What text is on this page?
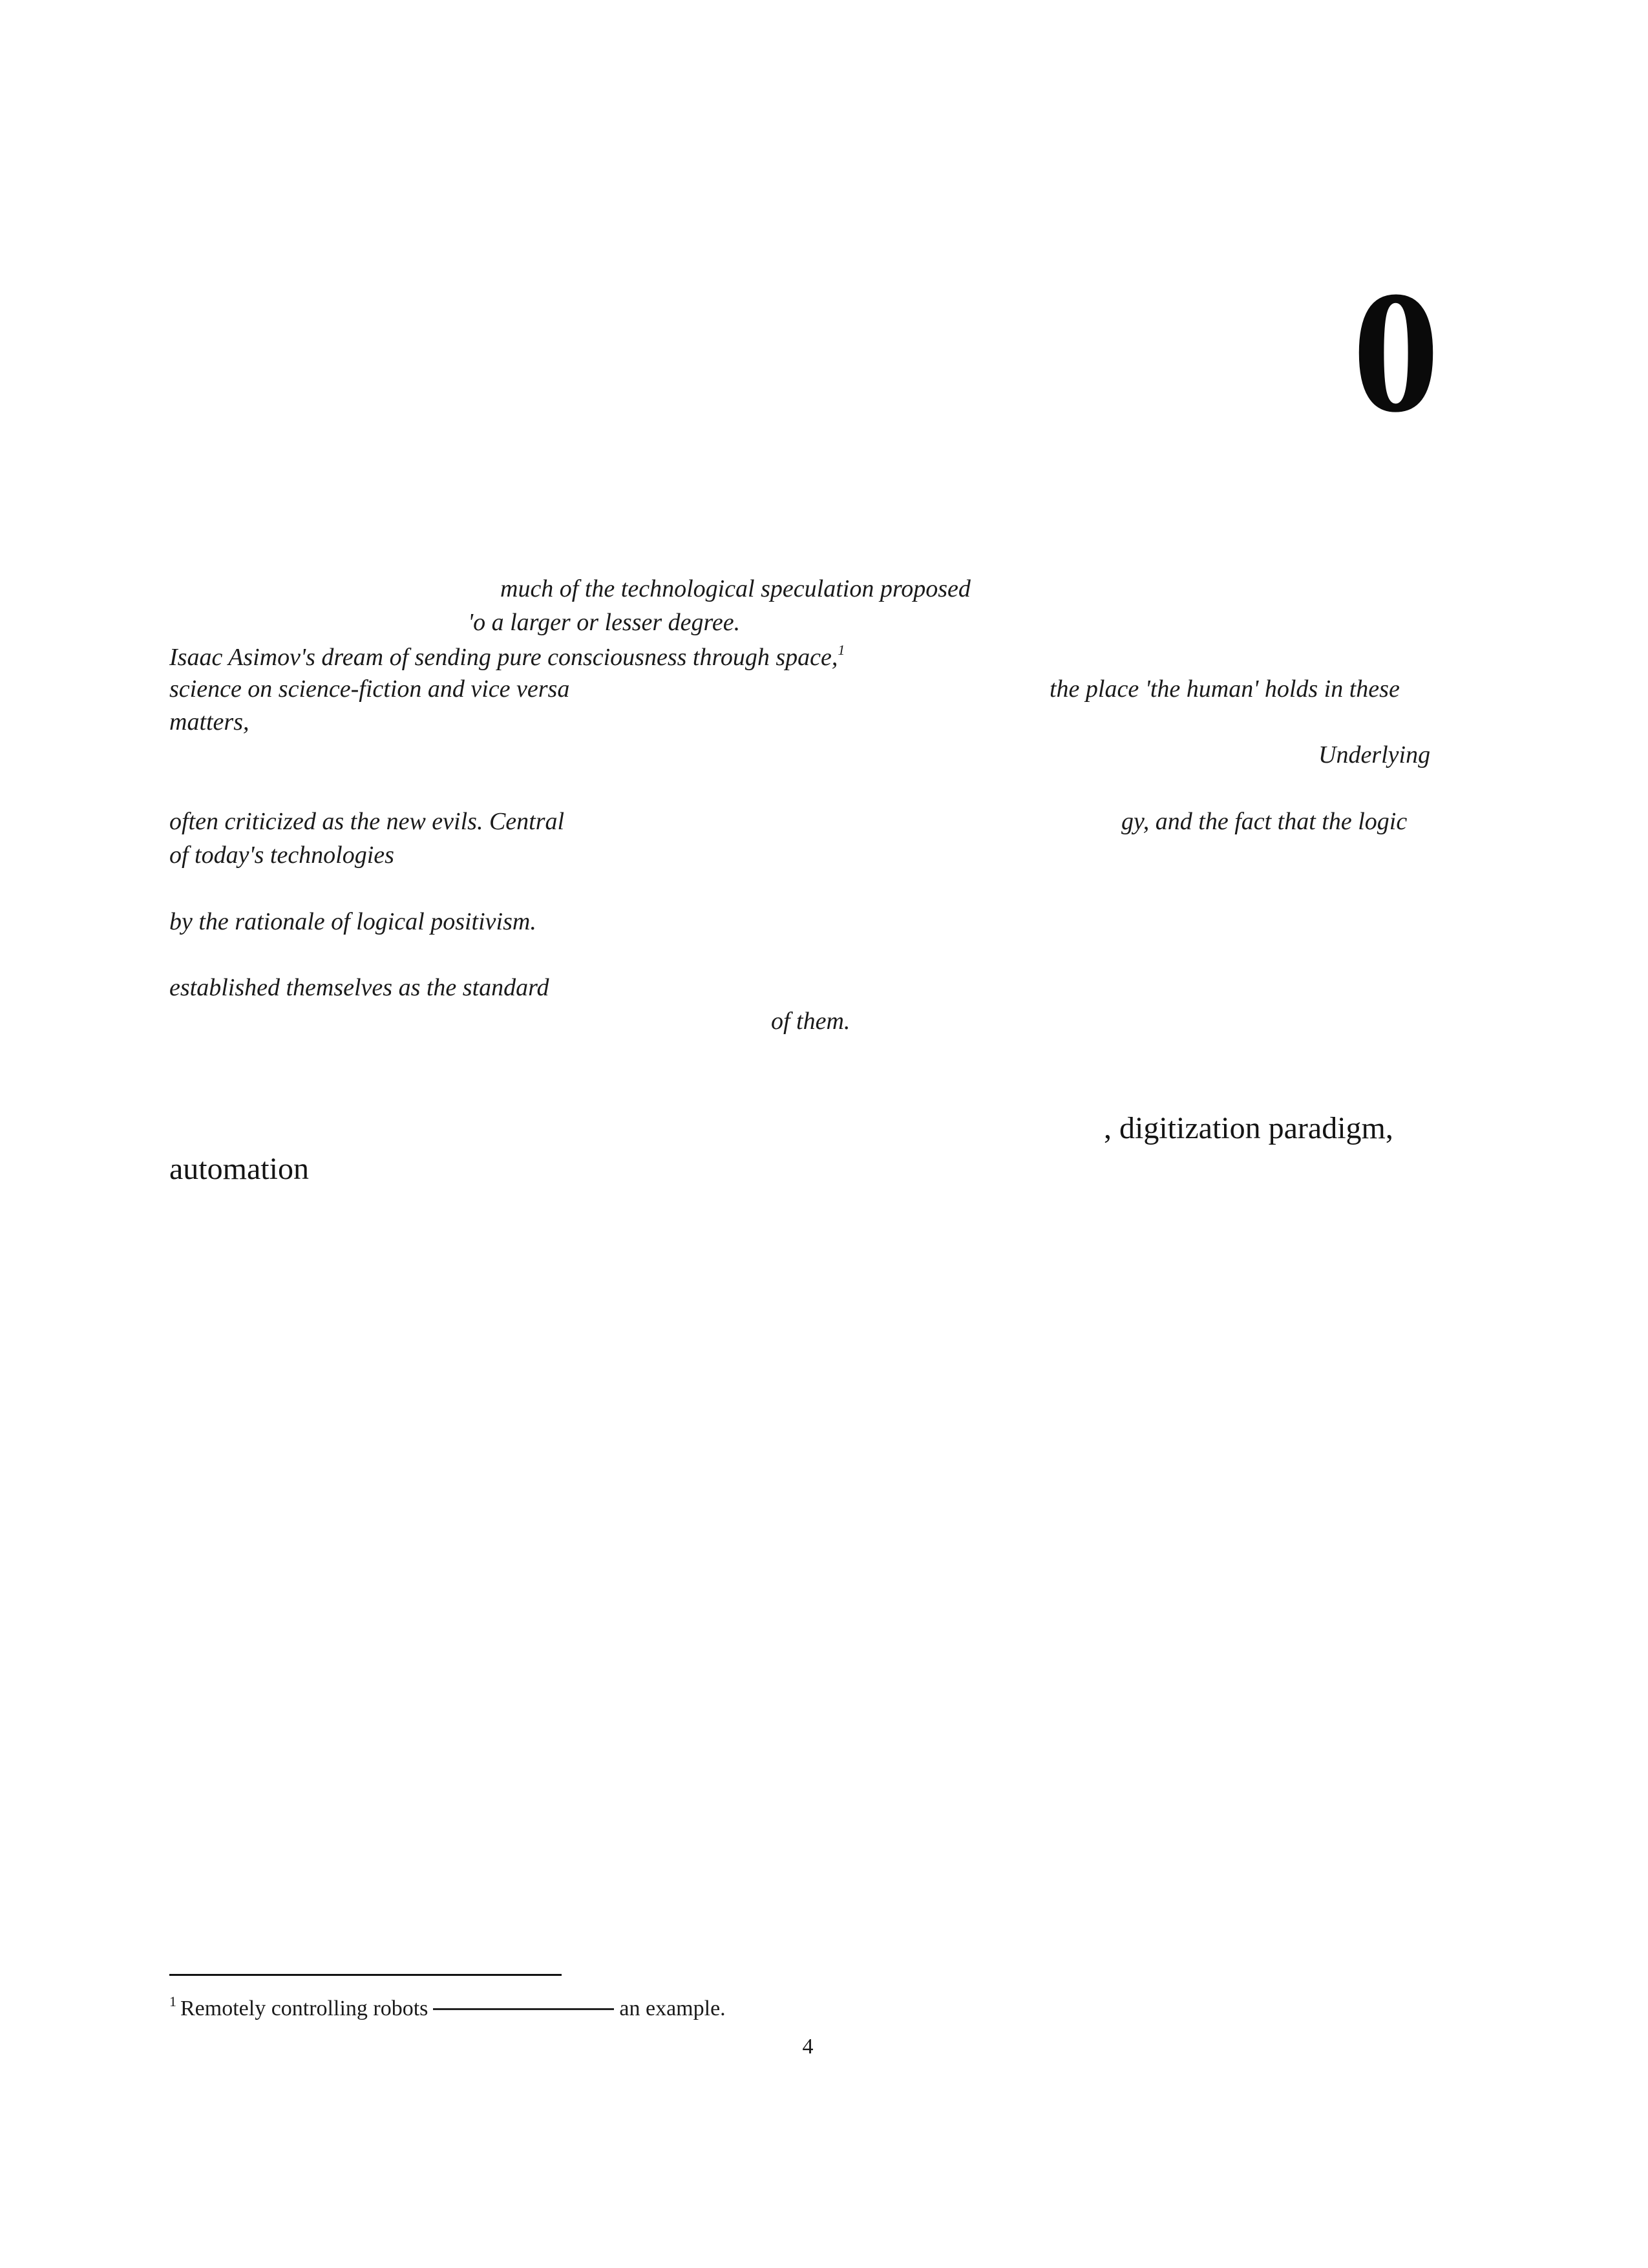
0
much of the technological speculation proposed
'o a larger or lesser degree.
Isaac Asimov's dream of sending pure consciousness through space,$^1$
science on science-fiction and vice versa	the place 'the human' holds in these
matters,
Underlying
often criticized as the new evils. Central	gy, and the fact that the logic
of today's technologies
by the rationale of logical positivism.
established themselves as the standard
of them.
, digitization paradigm,
automation
$^1$ Remotely controlling robots	an example.
4
